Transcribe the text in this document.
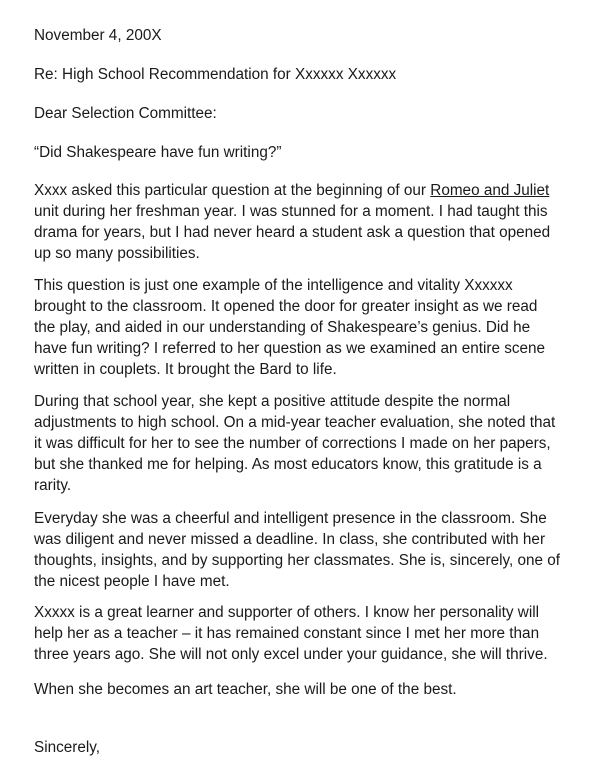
November 4, 200X

Re: High School Recommendation for Xxxxxx Xxxxxx

Dear Selection Committee:

“Did Shakespeare have fun writing?”

Xxxx asked this particular question at the beginning of our Romeo and Juliet
unit during her freshman year. I was stunned for a moment. I had taught this
drama for years, but I had never heard a student ask a question that opened
up so many possibilities.
This question is just one example of the intelligence and vitality Xxxxxx
brought to the classroom. It opened the door for greater insight as we read
the play, and aided in our understanding of Shakespeare’s genius. Did he
have fun writing? I referred to her question as we examined an entire scene
written in couplets. It brought the Bard to life.
During that school year, she kept a positive attitude despite the normal
adjustments to high school. On a mid-year teacher evaluation, she noted that
it was difficult for her to see the number of corrections I made on her papers,
but she thanked me for helping. As most educators know, this gratitude is a
rarity.
Everyday she was a cheerful and intelligent presence in the classroom. She
was diligent and never missed a deadline. In class, she contributed with her
thoughts, insights, and by supporting her classmates. She is, sincerely, one of
the nicest people I have met.
Xxxxx is a great learner and supporter of others. I know her personality will
help her as a teacher – it has remained constant since I met her more than
three years ago. She will not only excel under your guidance, she will thrive.

When she becomes an art teacher, she will be one of the best.

Sincerely,
